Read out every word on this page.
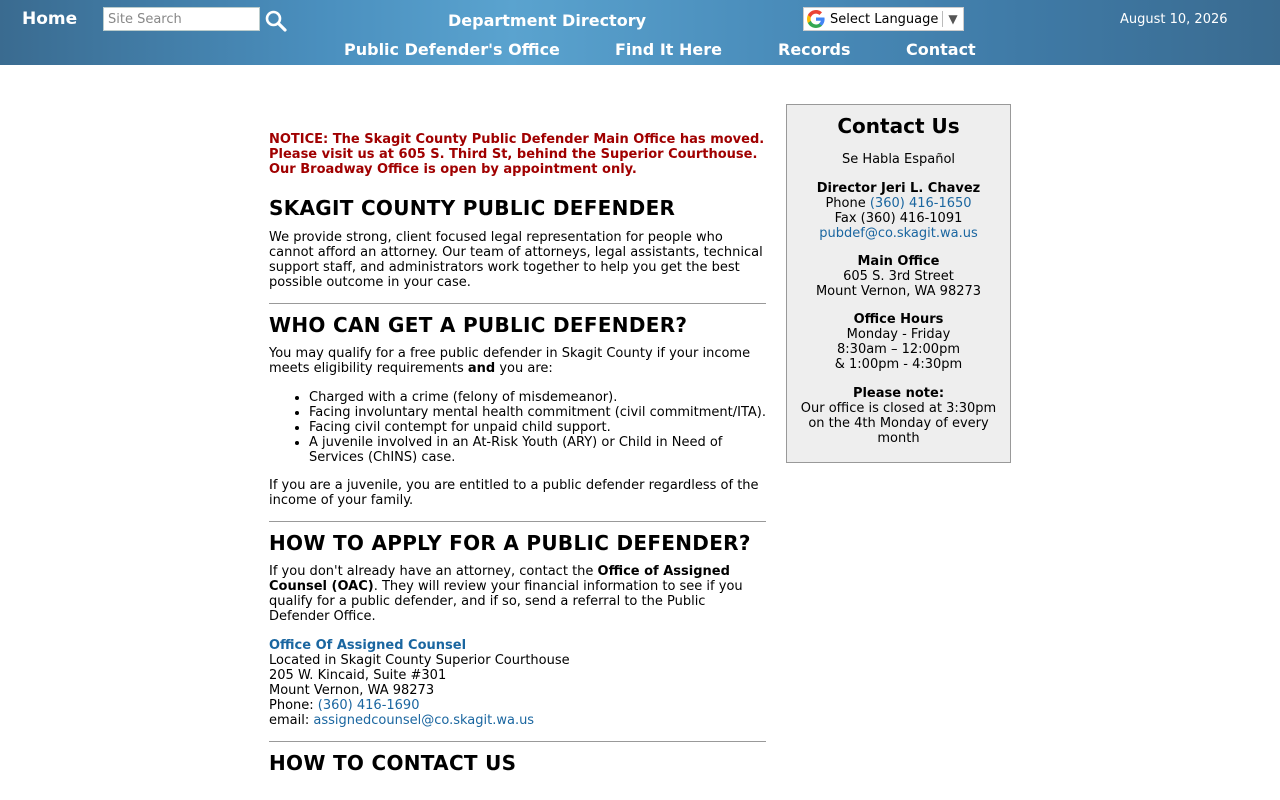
Home
Site Search	Department Directory	Select Language ▼	August 10, 2026
Public Defender's Office	Find It Here	Records	Contact

NOTICE: The Skagit County Public Defender Main Office has moved. Please visit us at 605 S. Third St, behind the Superior Courthouse. Our Broadway Office is open by appointment only.

SKAGIT COUNTY PUBLIC DEFENDER

We provide strong, client focused legal representation for people who cannot afford an attorney. Our team of attorneys, legal assistants, technical support staff, and administrators work together to help you get the best possible outcome in your case.

WHO CAN GET A PUBLIC DEFENDER?

You may qualify for a free public defender in Skagit County if your income meets eligibility requirements and you are:

• Charged with a crime (felony of misdemeanor).
• Facing involuntary mental health commitment (civil commitment/ITA).
• Facing civil contempt for unpaid child support.
• A juvenile involved in an At-Risk Youth (ARY) or Child in Need of Services (ChINS) case.

If you are a juvenile, you are entitled to a public defender regardless of the income of your family.

HOW TO APPLY FOR A PUBLIC DEFENDER?

If you don't already have an attorney, contact the Office of Assigned Counsel (OAC). They will review your financial information to see if you qualify for a public defender, and if so, send a referral to the Public Defender Office.

Office Of Assigned Counsel
Located in Skagit County Superior Courthouse
205 W. Kincaid, Suite #301
Mount Vernon, WA 98273
Phone: (360) 416-1690
email: assignedcounsel@co.skagit.wa.us

HOW TO CONTACT US
Contact Us

Se Habla Español

Director Jeri L. Chavez
Phone (360) 416-1650
Fax (360) 416-1091
pubdef@co.skagit.wa.us

Main Office
605 S. 3rd Street
Mount Vernon, WA 98273

Office Hours
Monday - Friday
8:30am – 12:00pm
& 1:00pm - 4:30pm

Please note:
Our office is closed at 3:30pm on the 4th Monday of every month
